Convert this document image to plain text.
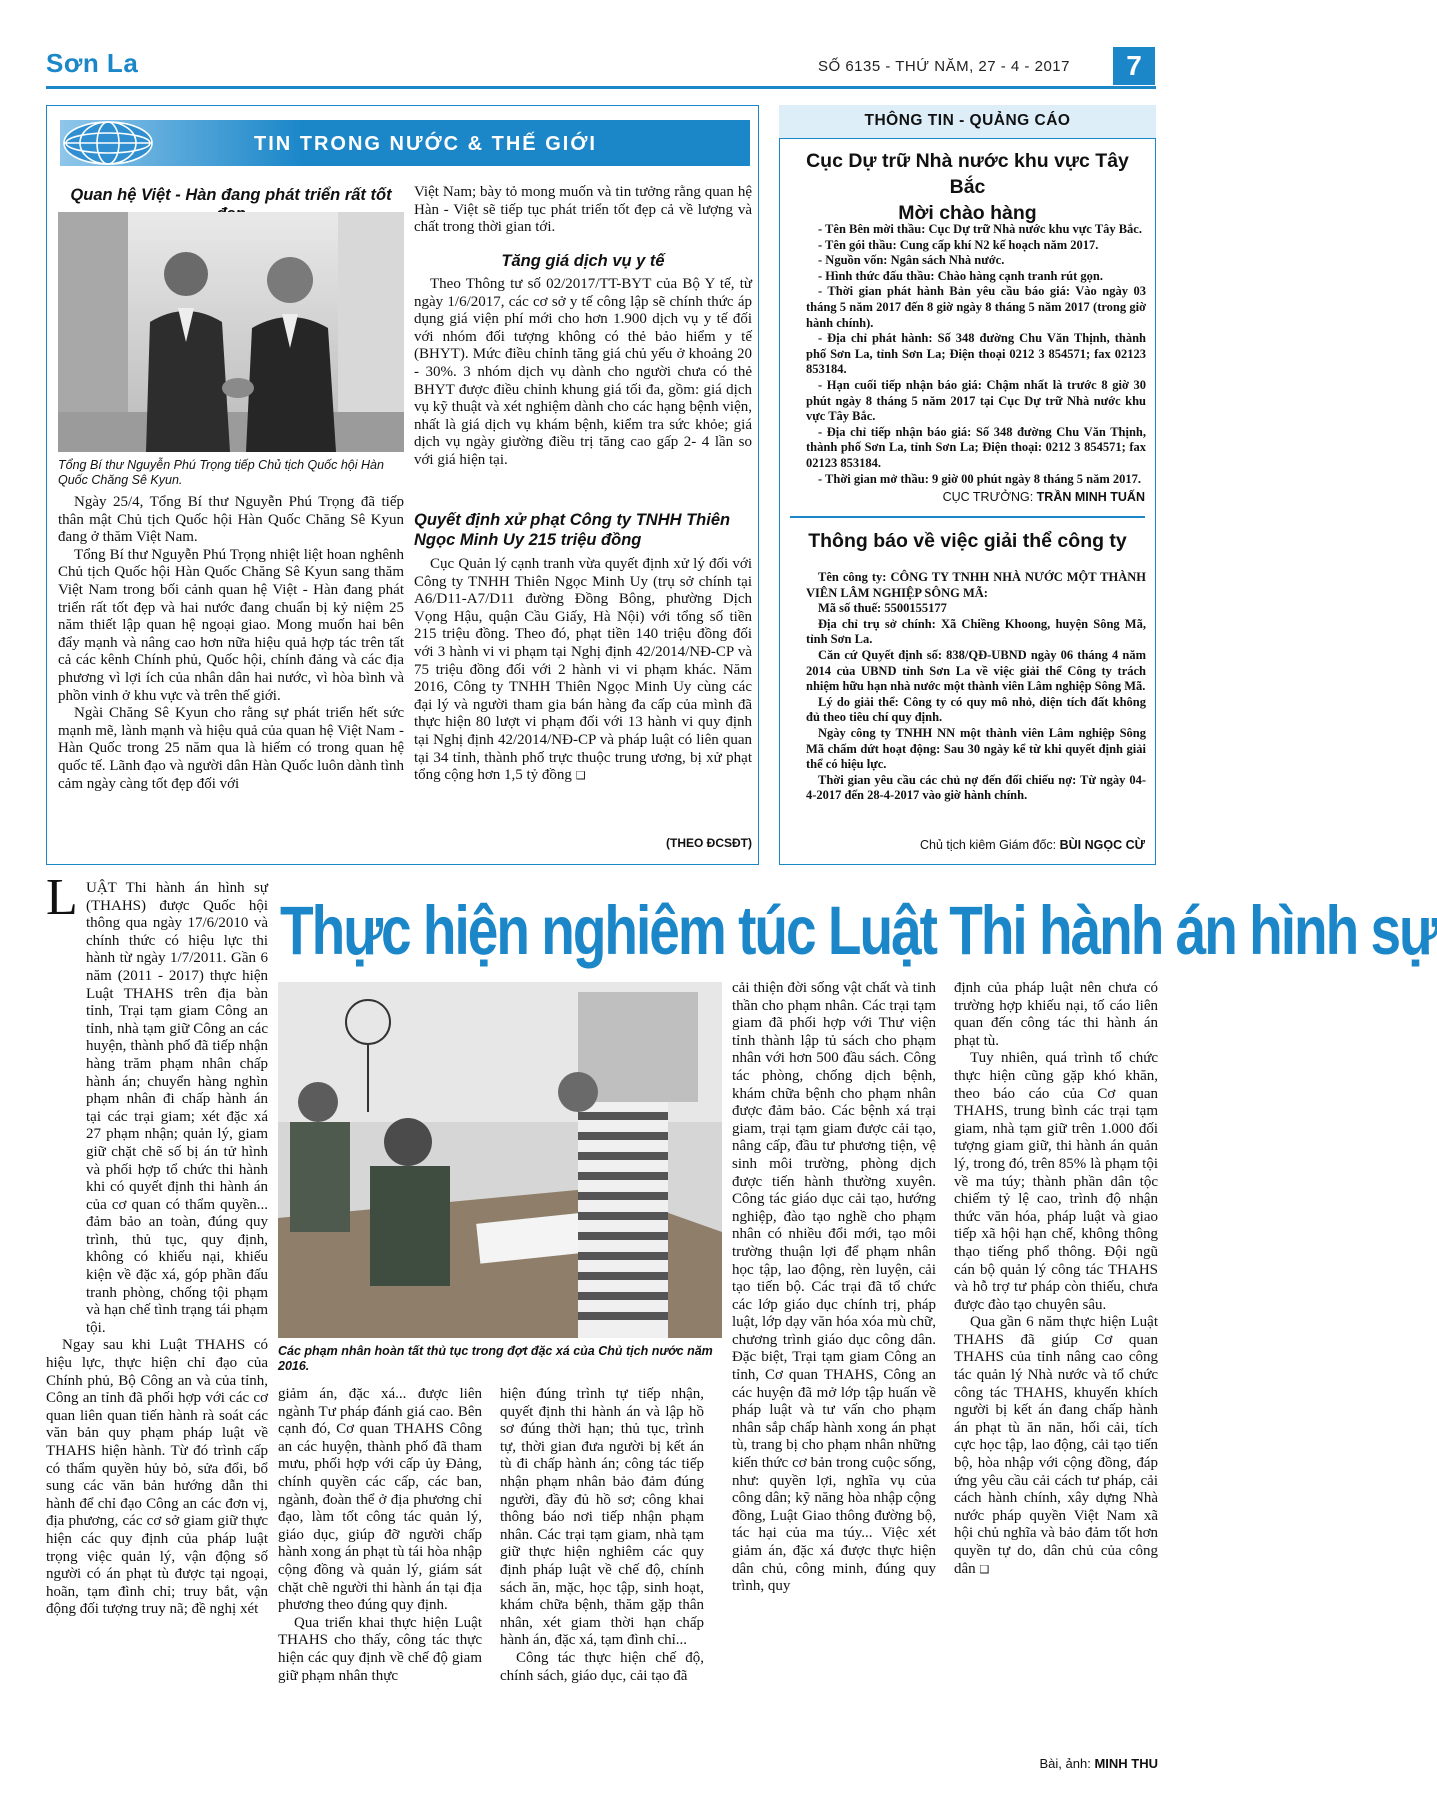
Sơn La	SỐ 6135 - THỨ NĂM, 27 - 4 - 2017	7
TIN TRONG NƯỚC & THẾ GIỚI
Quan hệ Việt - Hàn đang phát triển rất tốt
Tổng Bí thư Nguyễn Phú Trọng tiếp Chủ tịch Quốc hội Hàn Quốc Chăng Sê Kyun.

Ngày 25/4, Tổng Bí thư Nguyễn Phú Trọng đã tiếp thân mật Chủ tịch Quốc hội Hàn Quốc Chăng Sê Kyun đang ở thăm Việt Nam.

Tổng Bí thư Nguyễn Phú Trọng nhiệt liệt hoan nghênh Chủ tịch Quốc hội Hàn Quốc Chăng Sê Kyun sang thăm Việt Nam trong bối cảnh quan hệ Việt - Hàn đang phát triển rất tốt đẹp và hai nước đang chuẩn bị kỷ niệm 25 năm thiết lập quan hệ ngoại giao. Mong muốn hai bên đẩy mạnh và nâng cao hơn nữa hiệu quả hợp tác trên tất cả các kênh Chính phủ, Quốc hội, chính đảng và các địa phương vì lợi ích của nhân dân hai nước, vì hòa bình và phồn vinh ở khu vực và trên thế giới.

Ngài Chăng Sê Kyun cho rằng sự phát triển hết sức mạnh mẽ, lành mạnh và hiệu quả của quan hệ Việt Nam - Hàn Quốc trong 25 năm qua là hiếm có trong quan hệ quốc tế. Lãnh đạo và người dân Hàn Quốc luôn dành tình cảm ngày càng tốt đẹp đối với

Việt Nam; bày tỏ mong muốn và tin tưởng rằng quan hệ Hàn - Việt sẽ tiếp tục phát triển tốt đẹp cả về lượng và chất trong thời gian tới.

Tăng giá dịch vụ y tế

Theo Thông tư số 02/2017/TT-BYT của Bộ Y tế, từ ngày 1/6/2017, các cơ sở y tế công lập sẽ chính thức áp dụng giá viện phí mới cho hơn 1.900 dịch vụ y tế đối với nhóm đối tượng không có thẻ bảo hiểm y tế (BHYT). Mức điều chỉnh tăng giá chủ yếu ở khoảng 20 - 30%. 3 nhóm dịch vụ dành cho người chưa có thẻ BHYT được điều chỉnh khung giá tối đa, gồm: giá dịch vụ kỹ thuật và xét nghiệm dành cho các hạng bệnh viện, nhất là giá dịch vụ khám bệnh, kiểm tra sức khỏe; giá dịch vụ ngày giường điều trị tăng cao gấp 2- 4 lần so với giá hiện tại.

Quyết định xử phạt Công ty TNHH Thiên Ngọc Minh Uy 215 triệu đồng

Cục Quản lý cạnh tranh vừa quyết định xử lý đối với Công ty TNHH Thiên Ngọc Minh Uy (trụ sở chính tại A6/D11-A7/D11 đường Đồng Bông, phường Dịch Vọng Hậu, quận Cầu Giấy, Hà Nội) với tổng số tiền 215 triệu đồng. Theo đó, phạt tiền 140 triệu đồng đối với 3 hành vi vi phạm tại Nghị định 42/2014/NĐ-CP và 75 triệu đồng đối với 2 hành vi vi phạm khác. Năm 2016, Công ty TNHH Thiên Ngọc Minh Uy cùng các đại lý và người tham gia bán hàng đa cấp của mình đã thực hiện 80 lượt vi phạm đối với 13 hành vi quy định tại Nghị định 42/2014/NĐ-CP và pháp luật có liên quan tại 34 tỉnh, thành phố trực thuộc trung ương, bị xử phạt tổng cộng hơn 1,5 tỷ đồng ❑

(THEO ĐCSĐT)
THÔNG TIN - QUẢNG CÁO
Cục Dự trữ Nhà nước khu vực Tây Bắc
Mời chào hàng

- Tên Bên mời thầu: Cục Dự trữ Nhà nước khu vực Tây Bắc.

- Tên gói thầu: Cung cấp khí N2 kế hoạch năm 2017.

- Nguồn vốn: Ngân sách Nhà nước.

- Hình thức đấu thầu: Chào hàng cạnh tranh rút gọn.

- Thời gian phát hành Bản yêu cầu báo giá: Vào ngày 03 tháng 5 năm 2017 đến 8 giờ ngày 8 tháng 5 năm 2017 (trong giờ hành chính).

- Địa chỉ phát hành: Số 348 đường Chu Văn Thịnh, thành phố Sơn La, tỉnh Sơn La; Điện thoại 0212 3 854571; fax 02123 853184.

- Hạn cuối tiếp nhận báo giá: Chậm nhất là trước 8 giờ 30 phút ngày 8 tháng 5 năm 2017 tại Cục Dự trữ Nhà nước khu vực Tây Bắc.

- Địa chỉ tiếp nhận báo giá: Số 348 đường Chu Văn Thịnh, thành phố Sơn La, tỉnh Sơn La; Điện thoại: 0212 3 854571; fax 02123 853184.

- Thời gian mở thầu: 9 giờ 00 phút ngày 8 tháng 5 năm 2017.

CỤC TRƯỞNG: TRẦN MINH TUẤN
Thông báo về việc giải thể công ty

Tên công ty: CÔNG TY TNHH NHÀ NƯỚC MỘT THÀNH VIÊN LÂM NGHIỆP SÔNG MÃ:

Mã số thuế: 5500155177

Địa chỉ trụ sở chính: Xã Chiềng Khoong, huyện Sông Mã, tỉnh Sơn La.

Căn cứ Quyết định số: 838/QĐ-UBND ngày 06 tháng 4 năm 2014 của UBND tỉnh Sơn La về việc giải thể Công ty trách nhiệm hữu hạn nhà nước một thành viên Lâm nghiệp Sông Mã.

Lý do giải thể: Công ty có quy mô nhỏ, diện tích đất không đủ theo tiêu chí quy định.

Ngày công ty TNHH NN một thành viên Lâm nghiệp Sông Mã chấm dứt hoạt động: Sau 30 ngày kể từ khi quyết định giải thể có hiệu lực.

Thời gian yêu cầu các chủ nợ đến đối chiếu nợ: Từ ngày 04-4-2017 đến 28-4-2017 vào giờ hành chính.

Chủ tịch kiêm Giám đốc: BÙI NGỌC CỪ
Thực hiện nghiêm túc Luật Thi hành án hình sự
L UẬT Thi hành án hình sự (THAHS) được Quốc hội thông qua ngày 17/6/2010 và chính thức có hiệu lực thi hành từ ngày 1/7/2011. Gần 6 năm (2011 - 2017) thực hiện Luật THAHS trên địa bàn tỉnh, Trại tạm giam Công an tỉnh, nhà tạm giữ Công an các huyện, thành phố đã tiếp nhận hàng trăm phạm nhân chấp hành án; chuyển hàng nghìn phạm nhân đi chấp hành án tại các trại giam; xét đặc xá 27 phạm nhận; quản lý, giam giữ chặt chẽ số bị án tử hình và phối hợp tổ chức thi hành khi có quyết định thi hành án của cơ quan có thẩm quyền... đảm bảo an toàn, đúng quy trình, thủ tục, quy định, không có khiếu nại, khiếu kiện về đặc xá, góp phần đấu tranh phòng, chống tội phạm và hạn chế tình trạng tái phạm tội.

Ngay sau khi Luật THAHS có hiệu lực, thực hiện chỉ đạo của Chính phủ, Bộ Công an và của tỉnh, Công an tỉnh đã phối hợp với các cơ quan liên quan tiến hành rà soát các văn bản quy phạm pháp luật về THAHS hiện hành. Từ đó trình cấp có thẩm quyền hủy bỏ, sửa đổi, bổ sung các văn bản hướng dẫn thi hành để chỉ đạo Công an các đơn vị, địa phương, các cơ sở giam giữ thực hiện các quy định của pháp luật trọng việc quản lý, vận động số người có án phạt tù được tại ngoại, hoãn, tạm đình chỉ; truy bắt, vận động đối tượng truy nã; đề nghị xét

Các phạm nhân hoàn tất thủ tục trong đợt đặc xá của Chủ tịch nước năm 2016.

giảm án, đặc xá... được liên ngành Tư pháp đánh giá cao. Bên cạnh đó, Cơ quan THAHS Công an các huyện, thành phố đã tham mưu, phối hợp với cấp ủy Đảng, chính quyền các cấp, các ban, ngành, đoàn thể ở địa phương chỉ đạo, làm tốt công tác quản lý, giáo dục, giúp đỡ người chấp hành xong án phạt tù tái hòa nhập cộng đồng và quản lý, giám sát chặt chẽ người thi hành án tại địa phương theo đúng quy định.

Qua triển khai thực hiện Luật THAHS cho thấy, công tác thực hiện các quy định về chế độ giam giữ phạm nhân thực

hiện đúng trình tự tiếp nhận, quyết định thi hành án và lập hồ sơ đúng thời hạn; thủ tục, trình tự, thời gian đưa người bị kết án tù đi chấp hành án; công tác tiếp nhận phạm nhân bảo đảm đúng người, đầy đủ hồ sơ; công khai thông báo nơi tiếp nhận phạm nhân. Các trại tạm giam, nhà tạm giữ thực hiện nghiêm các quy định pháp luật về chế độ, chính sách ăn, mặc, học tập, sinh hoạt, khám chữa bệnh, thăm gặp thân nhân, xét giam thời hạn chấp hành án, đặc xá, tạm đình chỉ...

Công tác thực hiện chế độ, chính sách, giáo dục, cải tạo đã

cải thiện đời sống vật chất và tinh thần cho phạm nhân. Các trại tạm giam đã phối hợp với Thư viện tỉnh thành lập tủ sách cho phạm nhân với hơn 500 đầu sách. Công tác phòng, chống dịch bệnh, khám chữa bệnh cho phạm nhân được đảm bảo. Các bệnh xá trại giam, trại tạm giam được cải tạo, nâng cấp, đầu tư phương tiện, vệ sinh môi trường, phòng dịch được tiến hành thường xuyên. Công tác giáo dục cải tạo, hướng nghiệp, đào tạo nghề cho phạm nhân có nhiều đổi mới, tạo môi trường thuận lợi để phạm nhân học tập, lao động, rèn luyện, cải tạo tiến bộ. Các trại đã tổ chức các lớp giáo dục chính trị, pháp luật, lớp dạy văn hóa xóa mù chữ, chương trình giáo dục công dân. Đặc biệt, Trại tạm giam Công an tỉnh, Cơ quan THAHS, Công an các huyện đã mở lớp tập huấn về pháp luật và tư vấn cho phạm nhân sắp chấp hành xong án phạt tù, trang bị cho phạm nhân những kiến thức cơ bản trong cuộc sống, như: quyền lợi, nghĩa vụ của công dân; kỹ năng hòa nhập cộng đồng, Luật Giao thông đường bộ, tác hại của ma túy... Việc xét giảm án, đặc xá được thực hiện dân chủ, công minh, đúng quy trình, quy

định của pháp luật nên chưa có trường hợp khiếu nại, tố cáo liên quan đến công tác thi hành án phạt tù.

Tuy nhiên, quá trình tổ chức thực hiện cũng gặp khó khăn, theo báo cáo của Cơ quan THAHS, trung bình các trại tạm giam, nhà tạm giữ trên 1.000 đối tượng giam giữ, thi hành án quản lý, trong đó, trên 85% là phạm tội về ma túy; thành phần dân tộc chiếm tỷ lệ cao, trình độ nhận thức văn hóa, pháp luật và giao tiếp xã hội hạn chế, không thông thạo tiếng phổ thông. Đội ngũ cán bộ quản lý công tác THAHS và hỗ trợ tư pháp còn thiếu, chưa được đào tạo chuyên sâu.

Qua gần 6 năm thực hiện Luật THAHS đã giúp Cơ quan THAHS của tỉnh nâng cao công tác quản lý Nhà nước và tổ chức công tác THAHS, khuyến khích người bị kết án đang chấp hành án phạt tù ăn năn, hối cải, tích cực học tập, lao động, cải tạo tiến bộ, hòa nhập với cộng đồng, đáp ứng yêu cầu cải cách tư pháp, cải cách hành chính, xây dựng Nhà nước pháp quyền Việt Nam xã hội chủ nghĩa và bảo đảm tốt hơn quyền tự do, dân chủ của công dân ❑

Bài, ảnh: MINH THU
